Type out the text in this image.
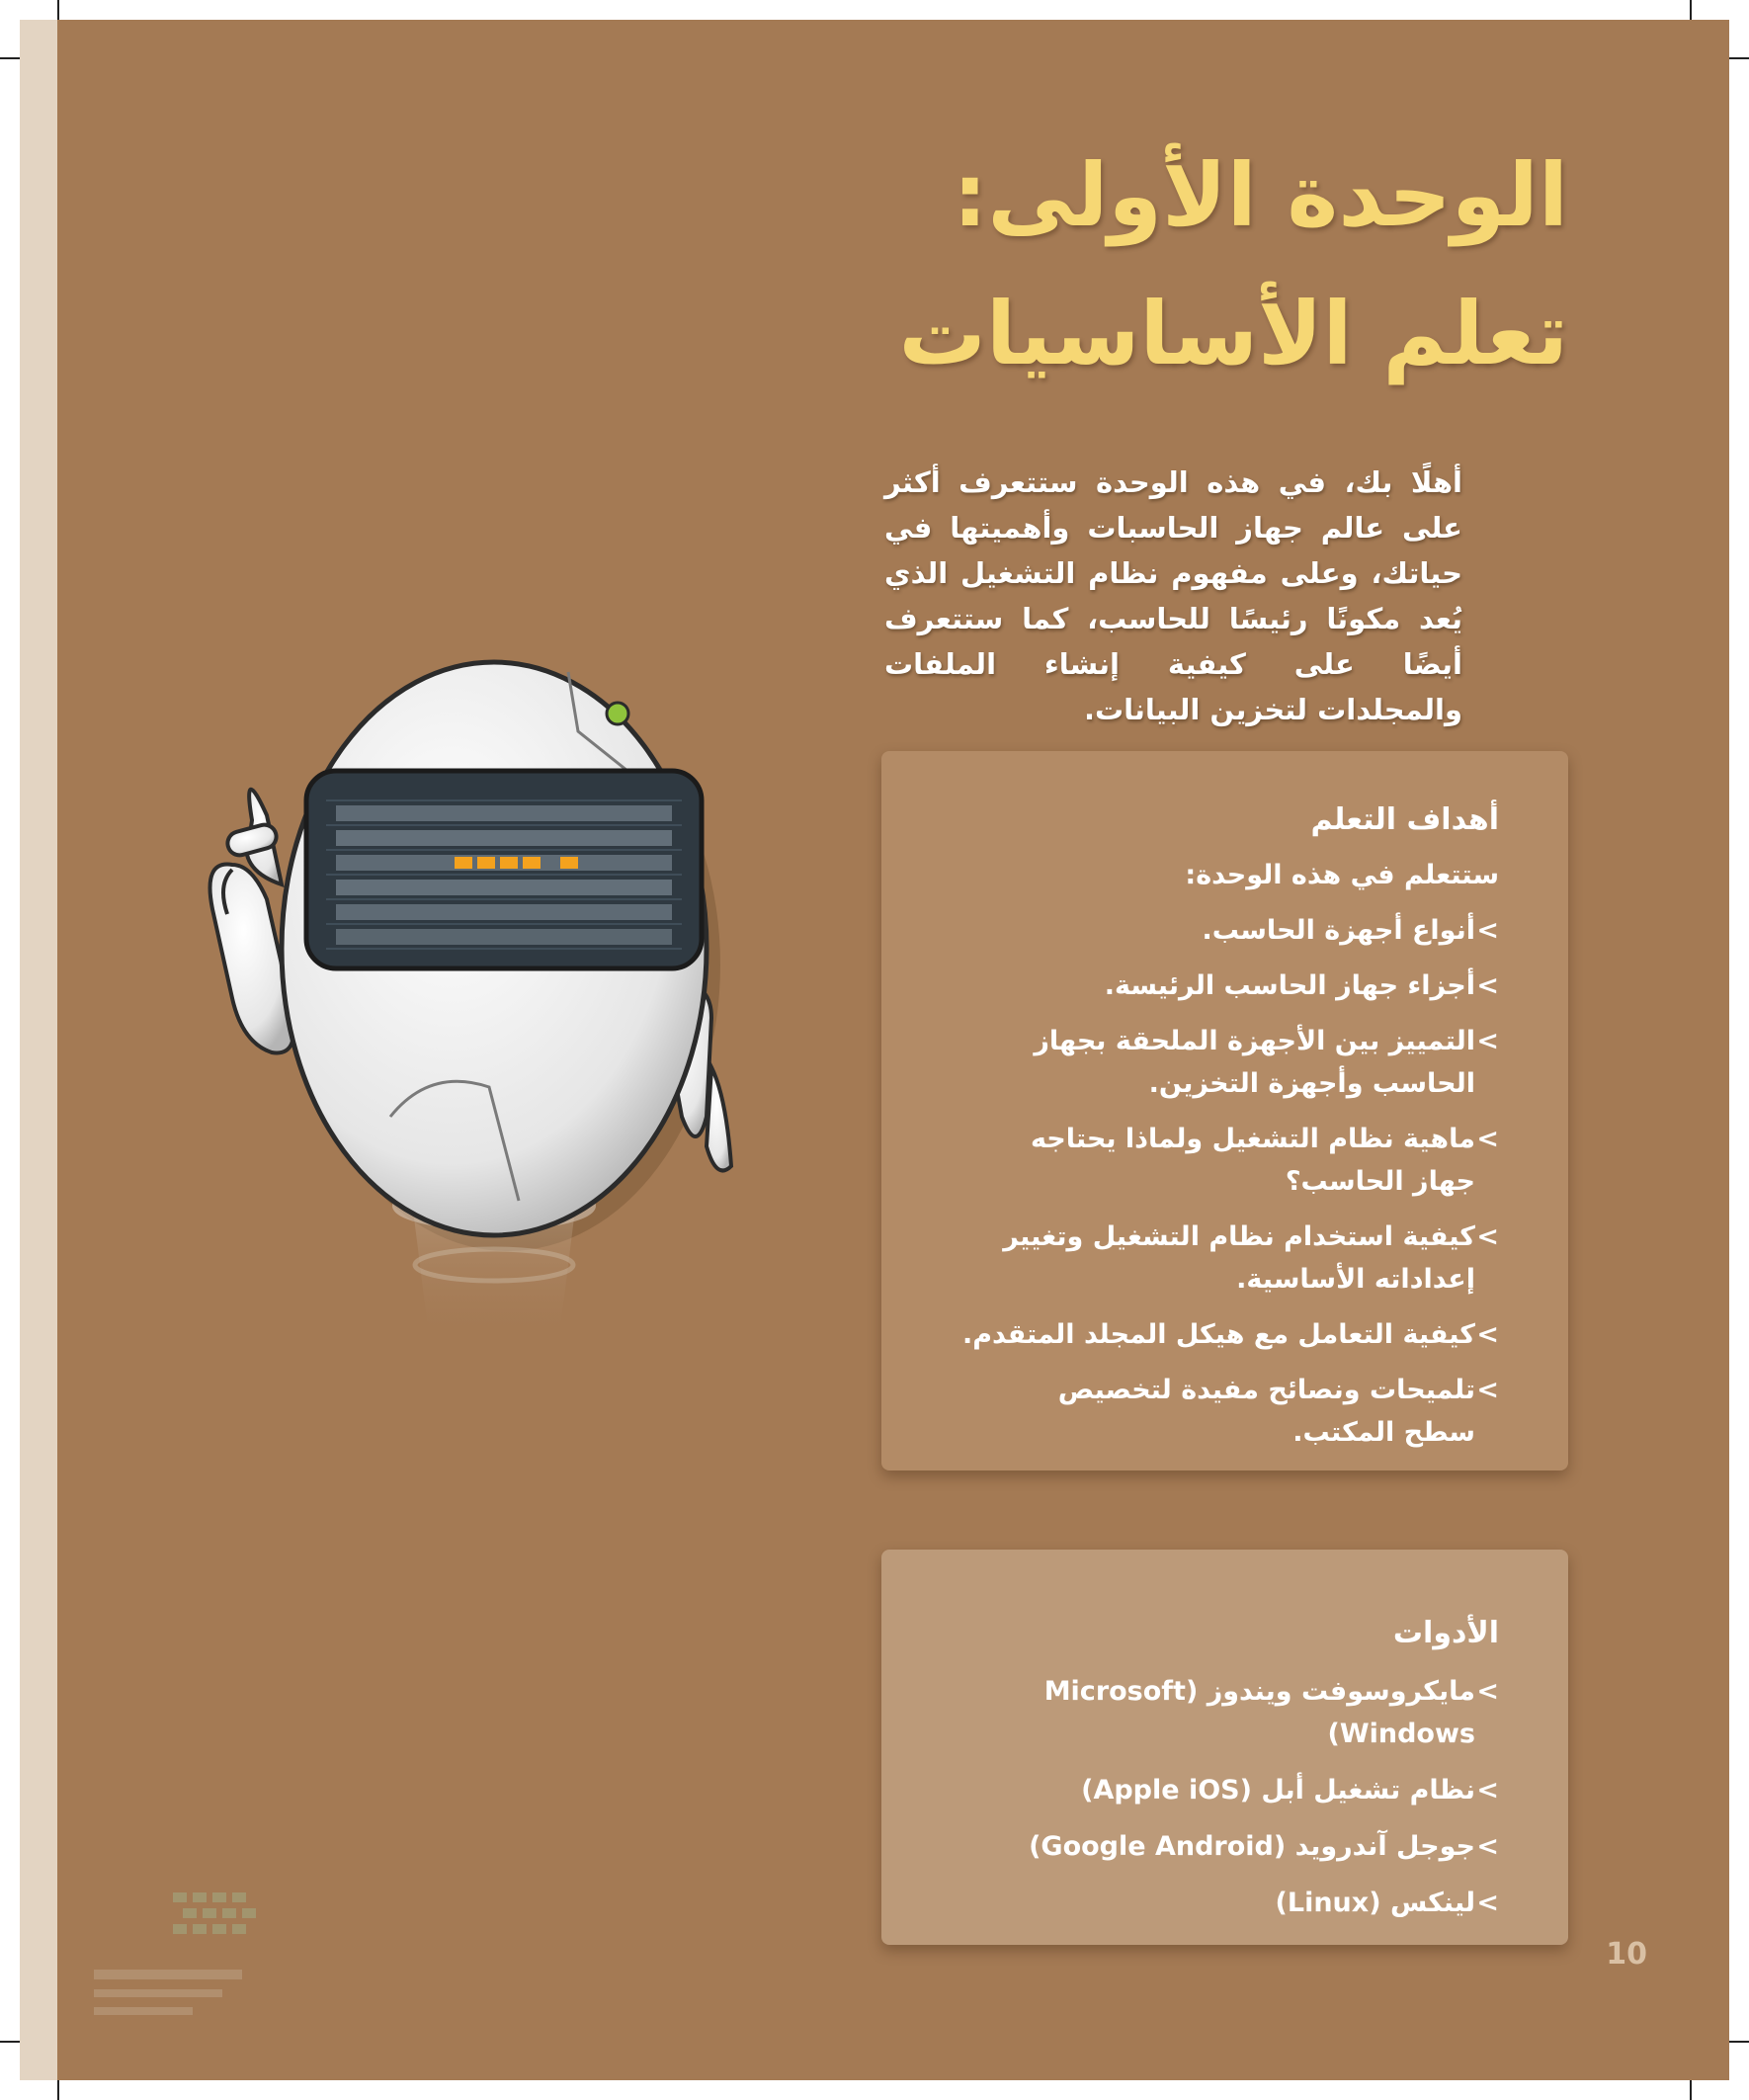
الوحدة الأولى:
تعلم الأساسيات
أهلًا بك، في هذه الوحدة ستتعرف أكثر على عالم جهاز الحاسبات وأهميتها في حياتك، وعلى مفهوم نظام التشغيل الذي يُعد مكونًا رئيسًا للحاسب، كما ستتعرف أيضًا على كيفية إنشاء الملفات والمجلدات لتخزين البيانات.
أهداف التعلم
ستتعلم في هذه الوحدة:
>
أنواع أجهزة الحاسب.
>
أجزاء جهاز الحاسب الرئيسة.
>
التمييز بين الأجهزة الملحقة بجهاز الحاسب وأجهزة التخزين.
>
ماهية نظام التشغيل ولماذا يحتاجه جهاز الحاسب؟
>
كيفية استخدام نظام التشغيل وتغيير إعداداته الأساسية.
>
كيفية التعامل مع هيكل المجلد المتقدم.
>
تلميحات ونصائح مفيدة لتخصيص سطح المكتب.
الأدوات
>
مايكروسوفت ويندوز (Microsoft Windows)
>
نظام تشغيل أبل (Apple iOS)
>
جوجل آندرويد (Google Android)
>
لينكس (Linux)
10
